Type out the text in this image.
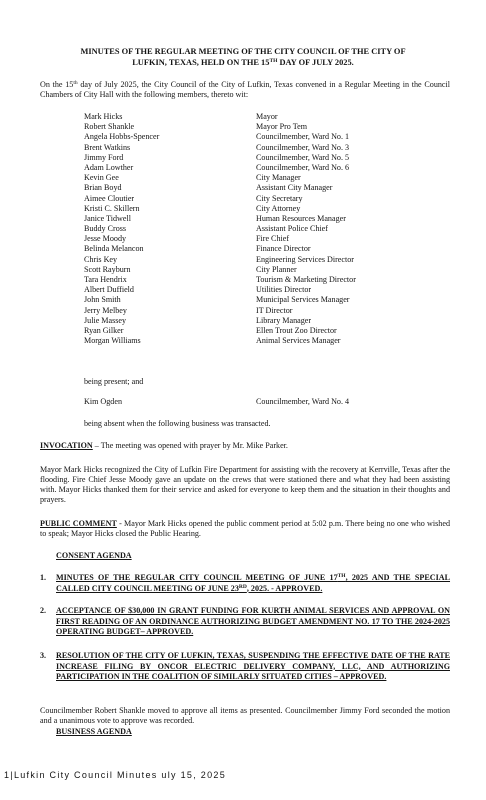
MINUTES OF THE REGULAR MEETING OF THE CITY COUNCIL OF THE CITY OF
LUFKIN, TEXAS, HELD ON THE 15TH DAY OF JULY 2025.
On the 15th day of July 2025, the City Council of the City of Lufkin, Texas convened in a Regular Meeting in the Council Chambers of City Hall with the following members, thereto wit:
Mark Hicks	Mayor
Robert Shankle	Mayor Pro Tem
Angela Hobbs-Spencer	Councilmember, Ward No. 1
Brent Watkins	Councilmember, Ward No. 3
Jimmy Ford	Councilmember, Ward No. 5
Adam Lowther	Councilmember, Ward No. 6
Kevin Gee	City Manager
Brian Boyd	Assistant City Manager
Aimee Cloutier	City Secretary
Kristi C. Skillern	City Attorney
Janice Tidwell	Human Resources Manager
Buddy Cross	Assistant Police Chief
Jesse Moody	Fire Chief
Belinda Melancon	Finance Director
Chris Key	Engineering Services Director
Scott Rayburn	City Planner
Tara Hendrix	Tourism & Marketing Director
Albert Duffield	Utilities Director
John Smith	Municipal Services Manager
Jerry Melbey	IT Director
Julie Massey	Library Manager
Ryan Gilker	Ellen Trout Zoo Director
Morgan Williams	Animal Services Manager
being present; and
Kim Ogden	Councilmember, Ward No. 4
being absent when the following business was transacted.
INVOCATION – The meeting was opened with prayer by Mr. Mike Parker.
Mayor Mark Hicks recognized the City of Lufkin Fire Department for assisting with the recovery at Kerrville, Texas after the flooding. Fire Chief Jesse Moody gave an update on the crews that were stationed there and what they had been assisting with. Mayor Hicks thanked them for their service and asked for everyone to keep them and the situation in their thoughts and prayers.
PUBLIC COMMENT - Mayor Mark Hicks opened the public comment period at 5:02 p.m. There being no one who wished to speak; Mayor Hicks closed the Public Hearing.
CONSENT AGENDA
1.	MINUTES OF THE REGULAR CITY COUNCIL MEETING OF JUNE 17TH, 2025 AND THE SPECIAL CALLED CITY COUNCIL MEETING OF JUNE 23RD, 2025. - APPROVED.
2.	ACCEPTANCE OF $30,000 IN GRANT FUNDING FOR KURTH ANIMAL SERVICES AND APPROVAL ON FIRST READING OF AN ORDINANCE AUTHORIZING BUDGET AMENDMENT NO. 17 TO THE 2024-2025 OPERATING BUDGET– APPROVED.
3.	RESOLUTION OF THE CITY OF LUFKIN, TEXAS, SUSPENDING THE EFFECTIVE DATE OF THE RATE INCREASE FILING BY ONCOR ELECTRIC DELIVERY COMPANY, LLC, AND AUTHORIZING PARTICIPATION IN THE COALITION OF SIMILARLY SITUATED CITIES – APPROVED.
Councilmember Robert Shankle moved to approve all items as presented. Councilmember Jimmy Ford seconded the motion and a unanimous vote to approve was recorded.
BUSINESS AGENDA
1|Lufkin City Council Minutes uly 15, 2025
